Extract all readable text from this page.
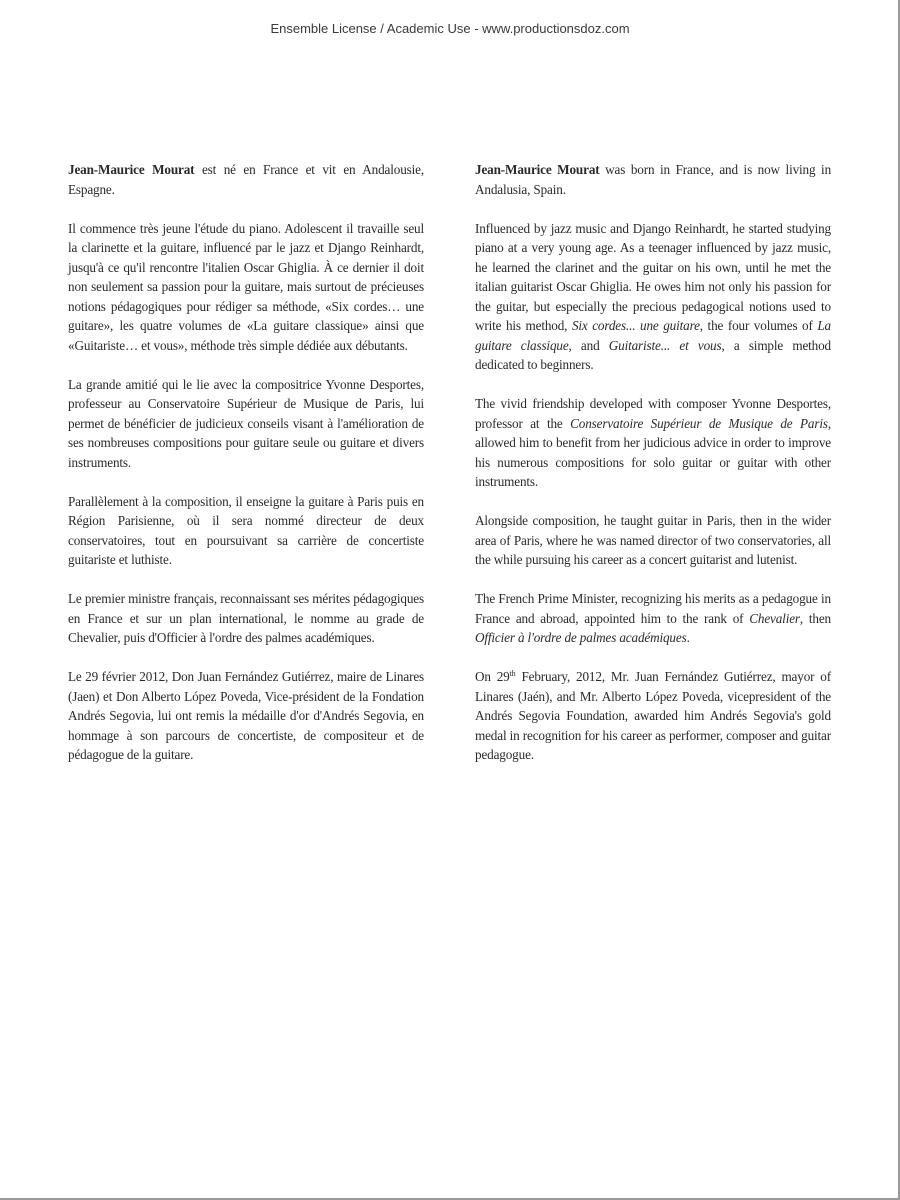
Ensemble License / Academic Use - www.productionsdoz.com

Jean-Maurice Mourat est né en France et vit en Andalousie, Espagne.

Il commence très jeune l'étude du piano. Adolescent il travaille seul la clarinette et la guitare, influencé par le jazz et Django Reinhardt, jusqu'à ce qu'il rencontre l'italien Oscar Ghiglia. À ce dernier il doit non seulement sa passion pour la guitare, mais surtout de précieuses notions pédagogiques pour rédiger sa méthode, «Six cordes… une guitare», les quatre volumes de «La guitare classique» ainsi que «Guitariste… et vous», méthode très simple dédiée aux débutants.

La grande amitié qui le lie avec la compositrice Yvonne Desportes, professeur au Conservatoire Supérieur de Musique de Paris, lui permet de bénéficier de judicieux conseils visant à l'amélioration de ses nombreuses compositions pour guitare seule ou guitare et divers instruments.

Parallèlement à la composition, il enseigne la guitare à Paris puis en Région Parisienne, où il sera nommé directeur de deux conservatoires, tout en poursuivant sa carrière de concertiste guitariste et luthiste.

Le premier ministre français, reconnaissant ses mérites pédagogiques en France et sur un plan international, le nomme au grade de Chevalier, puis d'Officier à l'ordre des palmes académiques.

Le 29 février 2012, Don Juan Fernández Gutiérrez, maire de Linares (Jaen) et Don Alberto López Poveda, Vice-président de la Fondation Andrés Segovia, lui ont remis la médaille d'or d'Andrés Segovia, en hommage à son parcours de concertiste, de compositeur et de pédagogue de la guitare.

Jean-Maurice Mourat was born in France, and is now living in Andalusia, Spain.

Influenced by jazz music and Django Reinhardt, he started studying piano at a very young age. As a teenager influenced by jazz music, he learned the clarinet and the guitar on his own, until he met the italian guitarist Oscar Ghiglia. He owes him not only his passion for the guitar, but especially the precious pedagogical notions used to write his method, Six cordes... une guitare, the four volumes of La guitare classique, and Guitariste... et vous, a simple method dedicated to beginners.

The vivid friendship developed with composer Yvonne Desportes, professor at the Conservatoire Supérieur de Musique de Paris, allowed him to benefit from her judicious advice in order to improve his numerous compositions for solo guitar or guitar with other instruments.

Alongside composition, he taught guitar in Paris, then in the wider area of Paris, where he was named director of two conservatories, all the while pursuing his career as a concert guitarist and lutenist.

The French Prime Minister, recognizing his merits as a pedagogue in France and abroad, appointed him to the rank of Chevalier, then Officier à l'ordre de palmes académiques.

On 29th February, 2012, Mr. Juan Fernández Gutiérrez, mayor of Linares (Jaén), and Mr. Alberto López Poveda, vicepresident of the Andrés Segovia Foundation, awarded him Andrés Segovia's gold medal in recognition for his career as performer, composer and guitar pedagogue.
